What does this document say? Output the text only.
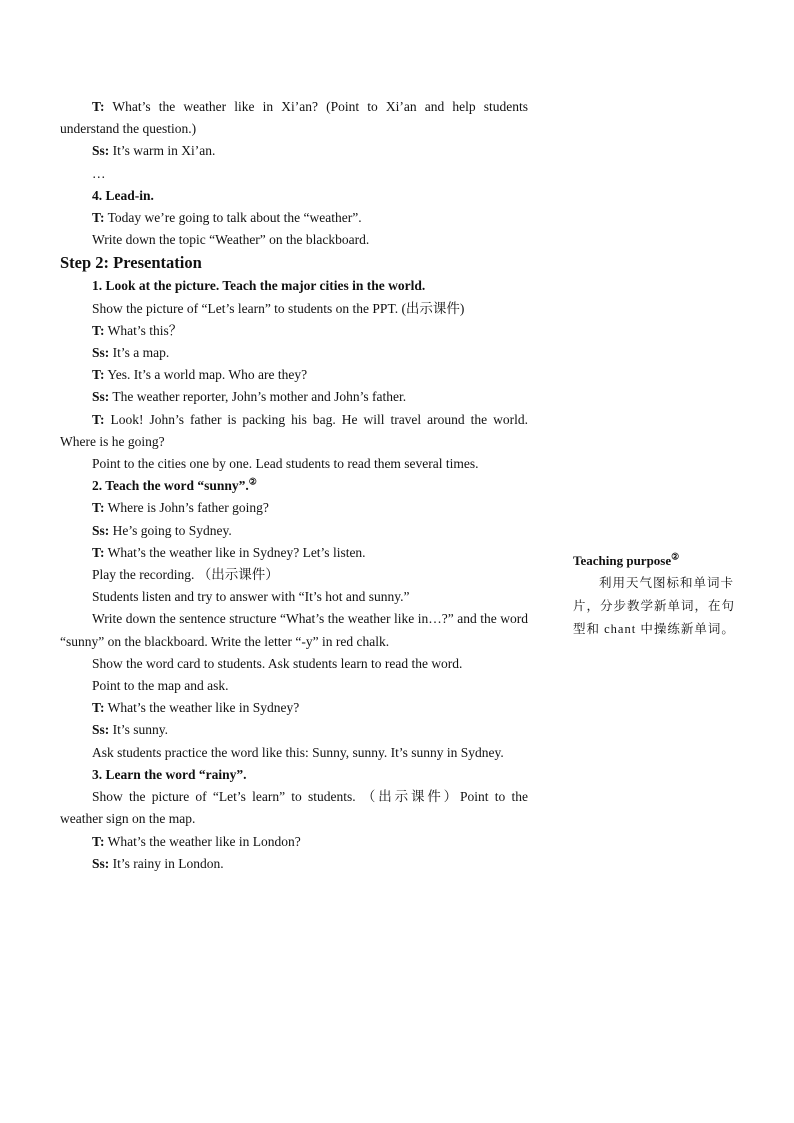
T: What’s the weather like in Xi’an? (Point to Xi’an and help students understand the question.)

Ss: It’s warm in Xi’an.

…

4. Lead-in.

T: Today we’re going to talk about the “weather”.

Write down the topic “Weather” on the blackboard.

Step 2: Presentation

1. Look at the picture. Teach the major cities in the world.

Show the picture of “Let’s learn” to students on the PPT. (出示课件)

T: What’s this？

Ss: It’s a map.

T: Yes. It’s a world map. Who are they?

Ss: The weather reporter, John’s mother and John’s father.

T: Look! John’s father is packing his bag. He will travel around the world. Where is he going?

Point to the cities one by one. Lead students to read them several times.

2. Teach the word “sunny”.②

T: Where is John’s father going?

Ss: He’s going to Sydney.

T: What’s the weather like in Sydney? Let’s listen.

Play the recording. （出示课件）

Students listen and try to answer with “It’s hot and sunny.”

Write down the sentence structure “What’s the weather like in…?” and the word “sunny” on the blackboard. Write the letter “-y” in red chalk.

Show the word card to students. Ask students learn to read the word.

Point to the map and ask.

T: What’s the weather like in Sydney?

Ss: It’s sunny.

Ask students practice the word like this: Sunny, sunny. It’s sunny in Sydney.

3. Learn the word “rainy”.

Show the picture of “Let’s learn” to students. （出示课件）Point to the weather sign on the map.

T: What’s the weather like in London?

Ss: It’s rainy in London.

Teaching purpose②

利用天气图标和单词卡片，分步教学新单词，在句型和 chant 中操练新单词。
